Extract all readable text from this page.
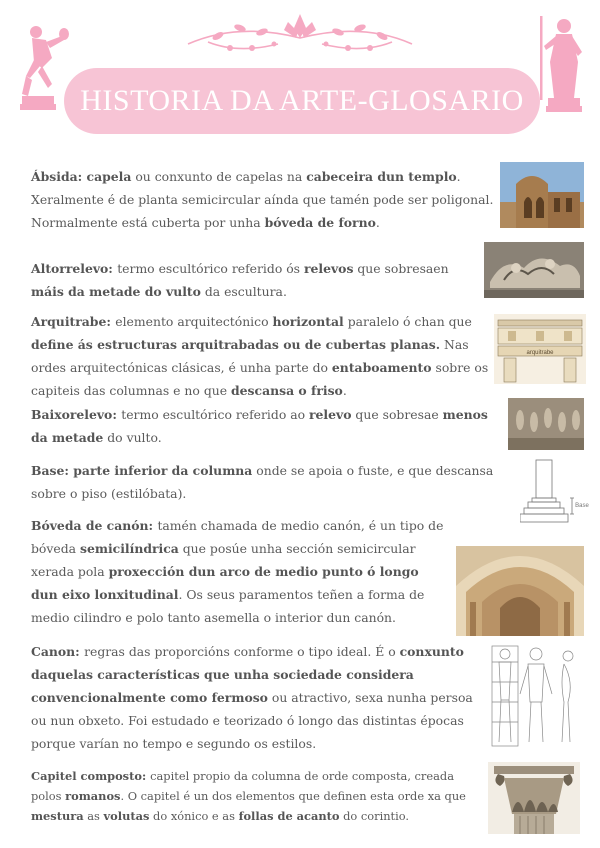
HISTORIA DA ARTE-GLOSARIO

Ábsida: capela ou conxunto de capelas na cabeceira dun templo. Xeralmente é de planta semicircular aínda que tamén pode ser poligonal. Normalmente está cuberta por unha bóveda de forno.

Altorrelevo: termo escultórico referido ós relevos que sobresaen máis da metade do vulto da escultura.

Arquitrabe: elemento arquitectónico horizontal paralelo ó chan que define ás estructuras arquitrabadas ou de cubertas planas. Nas ordes arquitectónicas clásicas, é unha parte do entaboamento sobre os capiteis das columnas e no que descansa o friso.

Baixorelevo: termo escultórico referido ao relevo que sobresae menos da metade do vulto.

Base: parte inferior da columna onde se apoia o fuste, e que descansa sobre o piso (estilóbata).

Bóveda de canón: tamén chamada de medio canón, é un tipo de bóveda semicilíndrica que posúe unha sección semicircular xerada pola proxección dun arco de medio punto ó longo dun eixo lonxitudinal. Os seus paramentos teñen a forma de medio cilindro e polo tanto asemella o interior dun canón.

Canon: regras das proporcións conforme o tipo ideal. É o conxunto daquelas características que unha sociedade considera convencionalmente como fermoso ou atractivo, sexa nunha persoa ou nun obxeto. Foi estudado e teorizado ó longo das distintas épocas porque varían no tempo e segundo os estilos.

Capitel composto: capitel propio da columna de orde composta, creada polos romanos. O capitel é un dos elementos que definen esta orde xa que mestura as volutas do xónico e as follas de acanto do corintio.

arquitrabe
Base
